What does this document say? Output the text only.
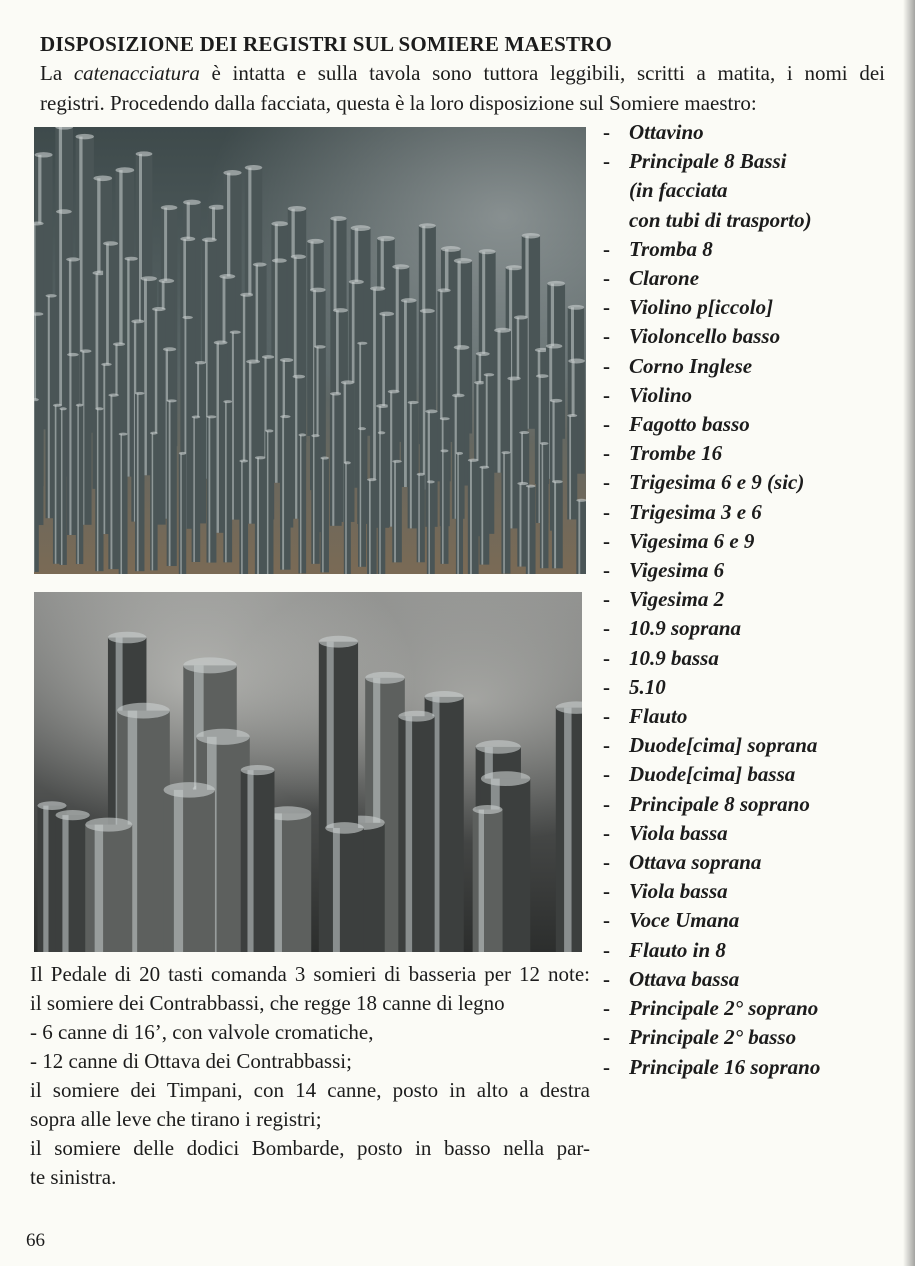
DISPOSIZIONE DEI REGISTRI SUL SOMIERE MAESTRO

La catenacciatura è intatta e sulla tavola sono tuttora leggibili, scritti a matita, i nomi dei

registri. Procedendo dalla facciata, questa è la loro disposizione sul Somiere maestro:

Il Pedale di 20 tasti comanda 3 somieri di basseria per 12 note:

il somiere dei Contrabbassi, che regge 18 canne di legno

- 6 canne di 16’, con valvole cromatiche,

- 12 canne di Ottava dei Contrabbassi;

il somiere dei Timpani, con 14 canne, posto in alto a destra

sopra alle leve che tirano i registri;

il somiere delle dodici Bombarde, posto in basso nella par-

te sinistra.

- Ottavino
- Principale 8 Bassi
(in facciata
con tubi di trasporto)
- Tromba 8
- Clarone
- Violino p[iccolo]
- Violoncello basso
- Corno Inglese
- Violino
- Fagotto basso
- Trombe 16
- Trigesima 6 e 9 (sic)
- Trigesima 3 e 6
- Vigesima 6 e 9
- Vigesima 6
- Vigesima 2
- 10.9 soprana
- 10.9 bassa
- 5.10
- Flauto
- Duode[cima] soprana
- Duode[cima] bassa
- Principale 8 soprano
- Viola bassa
- Ottava soprana
- Viola bassa
- Voce Umana
- Flauto in 8
- Ottava bassa
- Principale 2° soprano
- Principale 2° basso
- Principale 16 soprano

66
